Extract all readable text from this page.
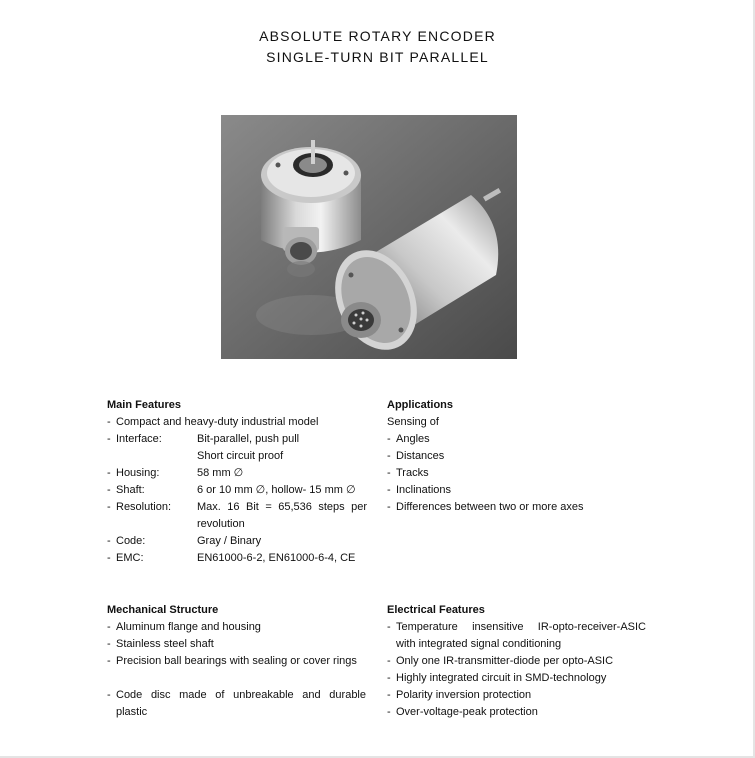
ABSOLUTE ROTARY ENCODER
SINGLE-TURN BIT PARALLEL
Main Features
- Compact and heavy-duty industrial model
- Interface:	Bit-parallel, push pull
Short circuit proof
- Housing:	58 mm ∅
- Shaft:	6 or 10 mm ∅, hollow- 15 mm ∅
- Resolution: Max. 16 Bit = 65,536 steps per revolution
- Code:	Gray / Binary
- EMC:	EN61000-6-2, EN61000-6-4, CE
Applications
Sensing of
- Angles
- Distances
- Tracks
- Inclinations
- Differences between two or more axes
Mechanical Structure
- Aluminum flange and housing
- Stainless steel shaft
- Precision ball bearings with sealing or cover rings
- Code disc made of unbreakable and durable plastic
Electrical Features
- Temperature insensitive IR-opto-receiver-ASIC with integrated signal conditioning
- Only one IR-transmitter-diode per opto-ASIC
- Highly integrated circuit in SMD-technology
- Polarity inversion protection
- Over-voltage-peak protection
